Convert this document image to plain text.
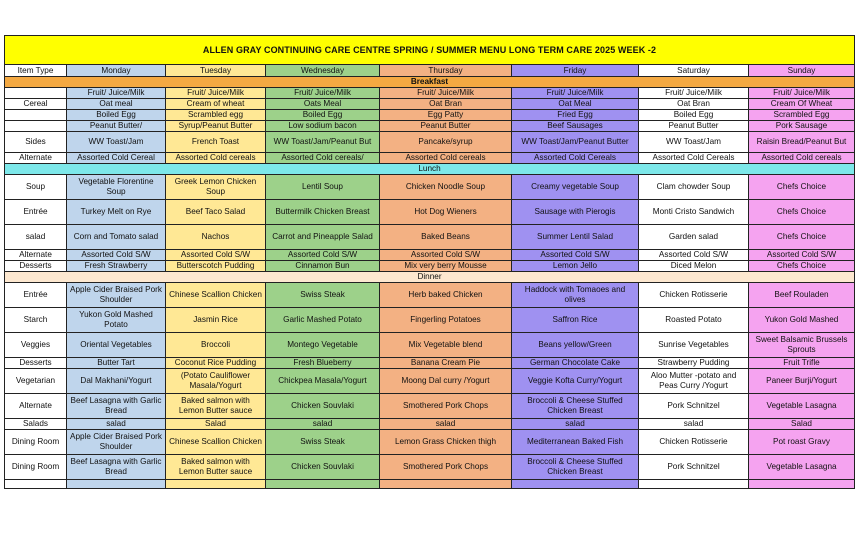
ALLEN GRAY CONTINUING CARE CENTRE SPRING / SUMMER MENU LONG TERM CARE 2025 WEEK -2							
Item Type	Monday	Tuesday	Wednesday	Thursday	Friday	Saturday	Sunday
Breakfast							
	Fruit/ Juice/Milk	Fruit/ Juice/Milk	Fruit/ Juice/Milk	Fruit/ Juice/Milk	Fruit/ Juice/Milk	Fruit/ Juice/Milk	Fruit/ Juice/Milk
Cereal	Oat meal	Cream of wheat	Oats Meal	Oat Bran	Oat Meal	Oat Bran	Cream Of Wheat
	Boiled Egg	Scrambled egg	Boiled Egg	Egg Patty	Fried Egg	Boiled Egg	Scrambled Egg
	Peanut Butter/	Syrup/Peanut Butter	Low sodium bacon	Peanut Butter	Beef Sausages	Peanut Butter	Pork Sausage
Sides	WW Toast/Jam	French Toast	WW Toast/Jam/Peanut But	Pancake/syrup	WW Toast/Jam/Peanut Butter	WW Toast/Jam	Raisin Bread/Peanut But
Alternate	Assorted Cold Cereal	Assorted Cold cereals	Assorted Cold cereals/	Assorted Cold cereals	Assorted Cold Cereals	Assorted Cold Cereals	Assorted Cold cereals
Lunch							
Soup	Vegetable Florentine Soup	Greek Lemon Chicken Soup	Lentil Soup	Chicken Noodle Soup	Creamy vegetable Soup	Clam chowder Soup	Chefs Choice
Entrée	Turkey Melt on Rye	Beef Taco Salad	Buttermilk Chicken Breast	Hot Dog Wieners	Sausage with Pierogis	Monti Cristo Sandwich	Chefs Choice
salad	Corn and Tomato salad	Nachos	Carrot and Pineapple Salad	Baked Beans	Summer Lentil Salad	Garden salad	Chefs Choice
Alternate	Assorted Cold S/W	Assorted Cold S/W	Assorted Cold S/W	Assorted Cold S/W	Assorted Cold S/W	Assorted Cold S/W	Assorted Cold S/W
Desserts	Fresh Strawberry	Butterscotch Pudding	Cinnamon Bun	Mix very berry Mousse	Lemon Jello	Diced Melon	Chefs Choice
Dinner							
Entrée	Apple Cider Braised Pork Shoulder	Chinese Scallion Chicken	Swiss Steak	Herb baked Chicken	Haddock with Tomaoes and olives	Chicken Rotisserie	Beef Rouladen
Starch	Yukon Gold Mashed Potato	Jasmin Rice	Garlic Mashed Potato	Fingerling Potatoes	Saffron Rice	Roasted Potato	Yukon Gold Mashed
Veggies	Oriental Vegetables	Broccoli	Montego Vegetable	Mix Vegetable blend	Beans yellow/Green	Sunrise Vegetables	Sweet Balsamic Brussels Sprouts
Desserts	Butter Tart	Coconut Rice Pudding	Fresh Blueberry	Banana Cream Pie	German Chocolate Cake	Strawberry Pudding	Fruit Trifle
Vegetarian	Dal Makhani/Yogurt	(Potato Cauliflower Masala/Yogurt	Chickpea Masala/Yogurt	Moong Dal curry /Yogurt	Veggie Kofta Curry/Yogurt	Aloo Mutter -potato and Peas Curry /Yogurt	Paneer Burji/Yogurt
Alternate	Beef Lasagna with Garlic Bread	Baked salmon with Lemon Butter sauce	Chicken Souvlaki	Smothered Pork Chops	Broccoli & Cheese Stuffed Chicken Breast	Pork Schnitzel	Vegetable Lasagna
Salads	salad	Salad	salad	salad	salad	salad	Salad
Dining Room	Apple Cider Braised Pork Shoulder	Chinese Scallion Chicken	Swiss Steak	Lemon Grass Chicken thigh	Mediterranean Baked Fish	Chicken Rotisserie	Pot roast Gravy
Dining Room	Beef Lasagna with Garlic Bread	Baked salmon with Lemon Butter sauce	Chicken Souvlaki	Smothered Pork Chops	Broccoli & Cheese Stuffed Chicken Breast	Pork Schnitzel	Vegetable Lasagna
